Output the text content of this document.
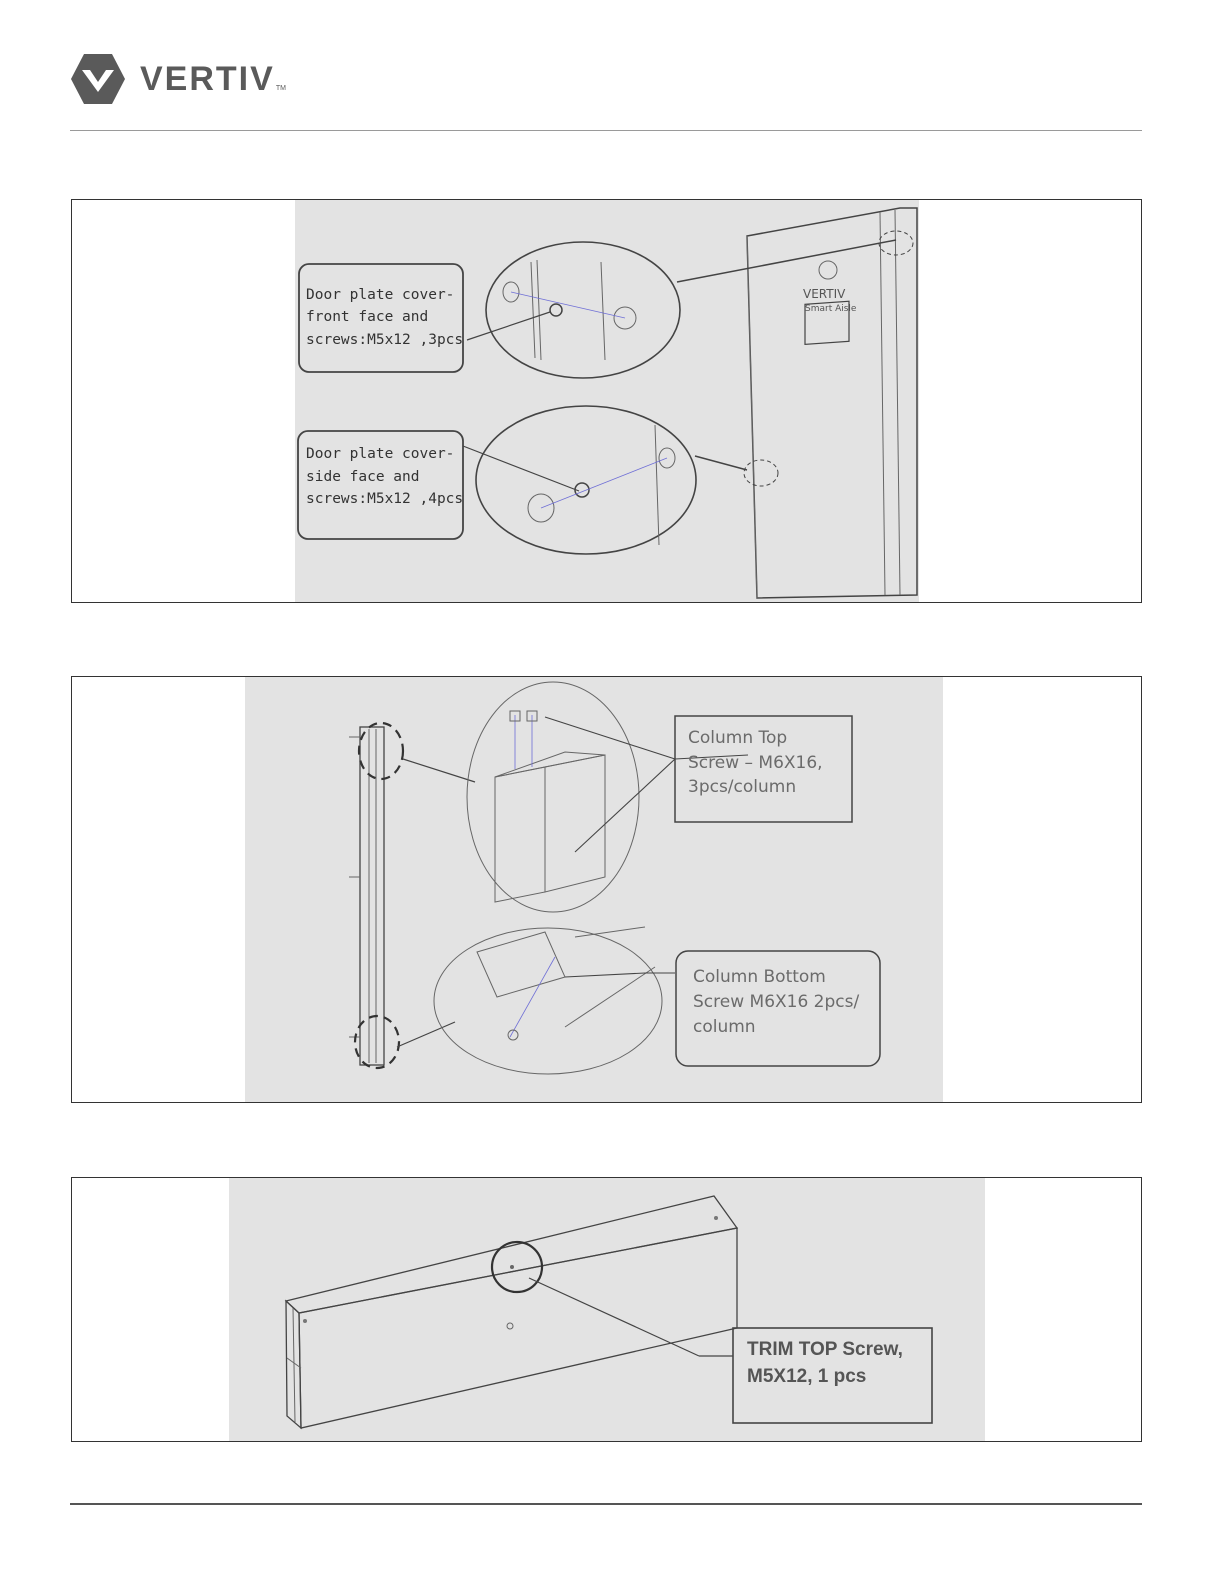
VERTIV TM
VERTIV
Smart Aisle
Door plate cover-
front face and
screws:M5x12 ,3pcs
Door plate cover-
side face and
screws:M5x12 ,4pcs
Column Top
Screw – M6X16,
3pcs/column
Column Bottom
Screw M6X16 2pcs/
column
TRIM TOP Screw,
M5X12, 1 pcs
